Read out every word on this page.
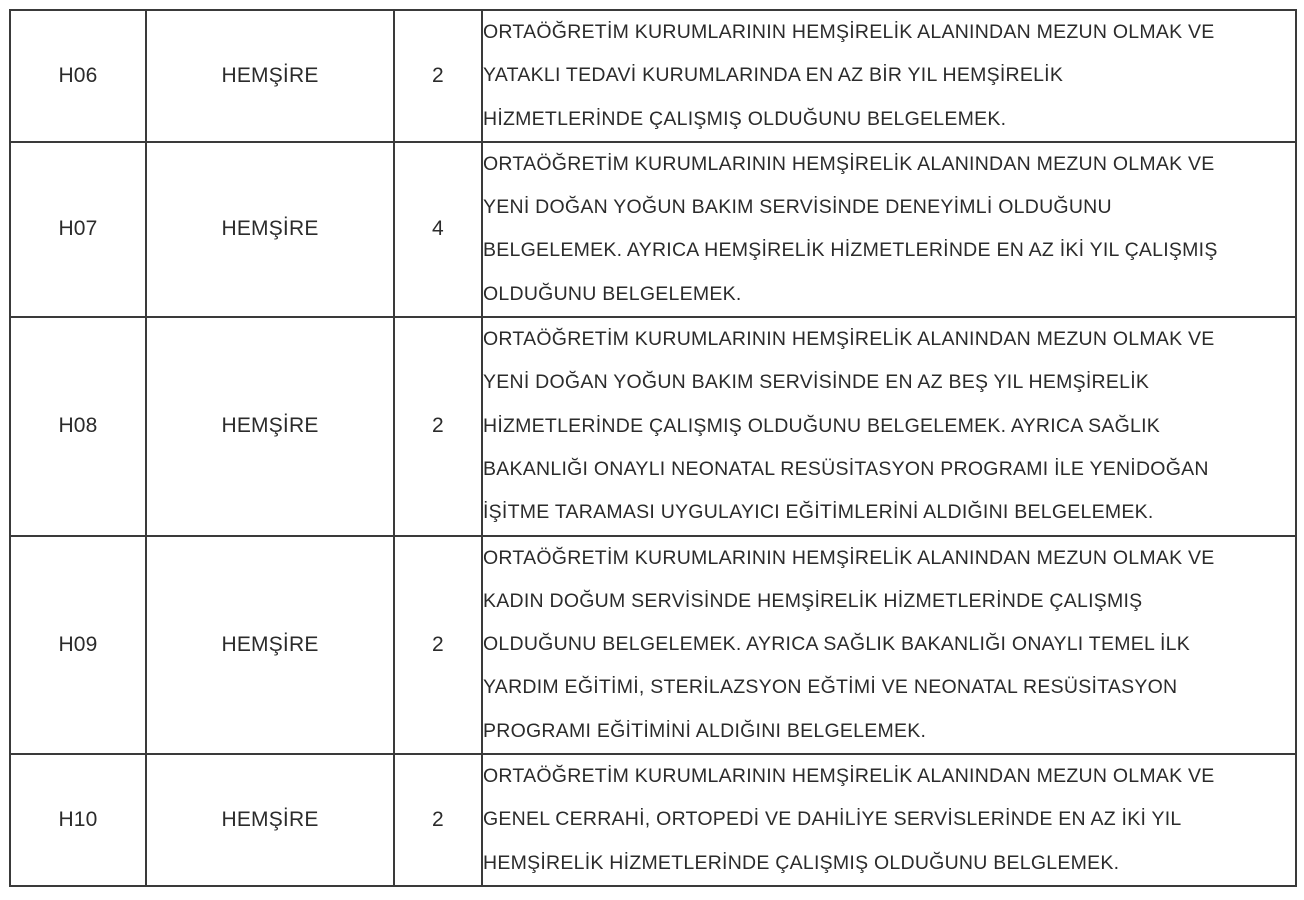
H06	HEMŞİRE	2	ORTAÖĞRETİM KURUMLARININ HEMŞİRELİK ALANINDAN MEZUN OLMAK VE
YATAKLI TEDAVİ KURUMLARINDA EN AZ BİR YIL HEMŞİRELİK
HİZMETLERİNDE ÇALIŞMIŞ OLDUĞUNU BELGELEMEK.

H07	HEMŞİRE	4	ORTAÖĞRETİM KURUMLARININ HEMŞİRELİK ALANINDAN MEZUN OLMAK VE
YENİ DOĞAN YOĞUN BAKIM SERVİSİNDE DENEYİMLİ OLDUĞUNU
BELGELEMEK. AYRICA HEMŞİRELİK HİZMETLERİNDE EN AZ İKİ YIL ÇALIŞMIŞ
OLDUĞUNU BELGELEMEK.

H08	HEMŞİRE	2	ORTAÖĞRETİM KURUMLARININ HEMŞİRELİK ALANINDAN MEZUN OLMAK VE
YENİ DOĞAN YOĞUN BAKIM SERVİSİNDE EN AZ BEŞ YIL HEMŞİRELİK
HİZMETLERİNDE ÇALIŞMIŞ OLDUĞUNU BELGELEMEK. AYRICA SAĞLIK
BAKANLIĞI ONAYLI NEONATAL RESÜSİTASYON PROGRAMI İLE YENİDOĞAN
İŞİTME TARAMASI UYGULAYICI EĞİTİMLERİNİ ALDIĞINI BELGELEMEK.

H09	HEMŞİRE	2	ORTAÖĞRETİM KURUMLARININ HEMŞİRELİK ALANINDAN MEZUN OLMAK VE
KADIN DOĞUM SERVİSİNDE HEMŞİRELİK HİZMETLERİNDE ÇALIŞMIŞ
OLDUĞUNU BELGELEMEK. AYRICA SAĞLIK BAKANLIĞI ONAYLI TEMEL İLK
YARDIM EĞİTİMİ, STERİLAZSYON EĞTİMİ VE NEONATAL RESÜSİTASYON
PROGRAMI EĞİTİMİNİ ALDIĞINI BELGELEMEK.

H10	HEMŞİRE	2	ORTAÖĞRETİM KURUMLARININ HEMŞİRELİK ALANINDAN MEZUN OLMAK VE
GENEL CERRAHİ, ORTOPEDİ VE DAHİLİYE SERVİSLERİNDE EN AZ İKİ YIL
HEMŞİRELİK HİZMETLERİNDE ÇALIŞMIŞ OLDUĞUNU BELGLEMEK.
